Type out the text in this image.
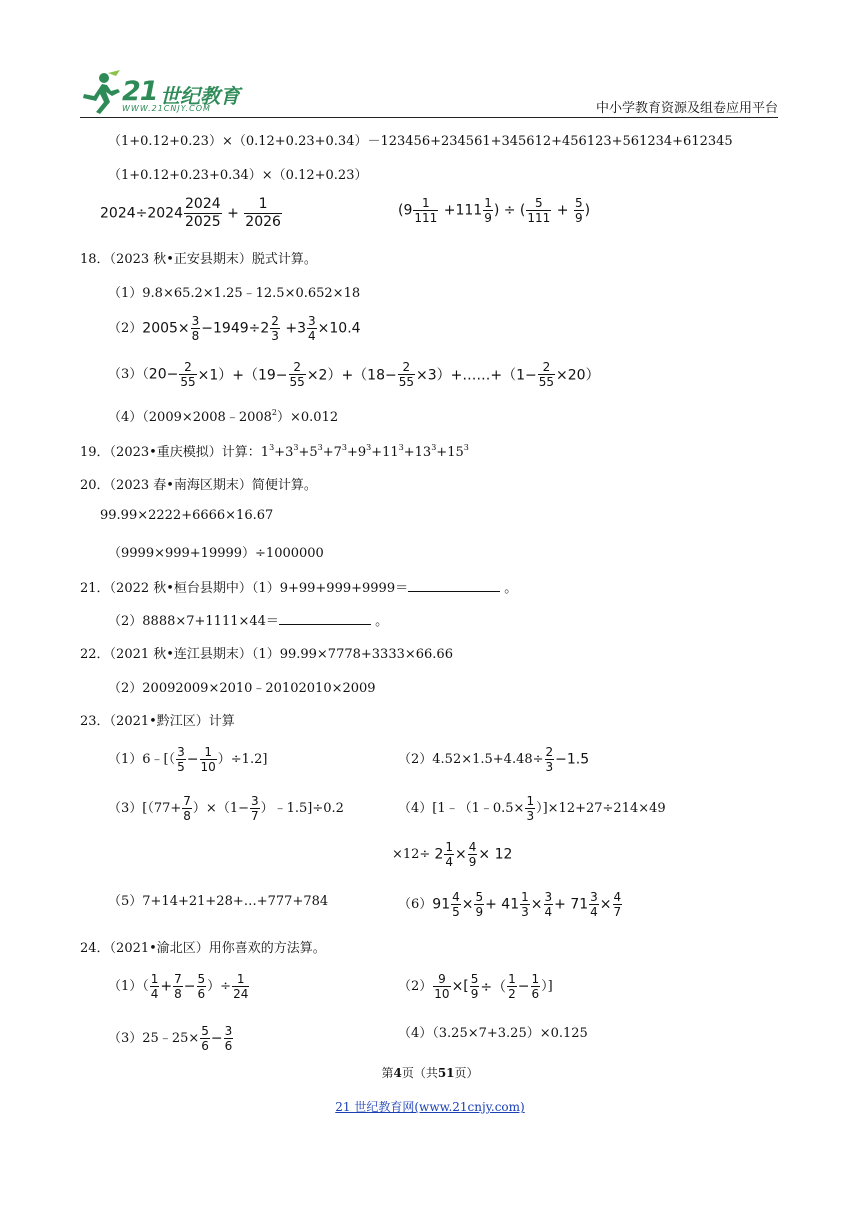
21 世纪教育
WWW.21CNJY.COM	中小学教育资源及组卷应用平台
（1+0.12+0.23）×（0.12+0.23+0.34）－123456+234561+345612+456123+561234+612345
（1+0.12+0.23+0.34）×（0.12+0.23）
$2024\div 2024 \frac{2024}{2025} + \frac{1}{2026}$	($9 \frac{1}{111} +111 \frac{1}{9}$ ) ÷ ( $\frac{5}{111} + \frac{5}{9}$ )
18．（2023 秋•正安县期末）脱式计算。
（1）9.8×65.2×1.25﹣12.5×0.652×18
$(2)2005\times \frac{3}{8} -1949\div 2 \frac{2}{3} +3 \frac{3}{4} \times 10.4$
$(3)(20- \frac{2}{55} \times 1)+(19- \frac{2}{55} \times 2)+(18- \frac{2}{55}$ ×3）+……+（1− $\frac{2}{55} \times 20$）
$(4)(2009\times 2008﹣2008^2)\times 0.012$
19．（2023•重庆模拟）计算：$1^3+3^3+5^3+7^3+9^3+11^3+13^3+15^3$
20．（2023 春•南海区期末）简便计算。
99.99×2222+6666×16.67
（9999×999+19999）÷1000000
21．（2022 秋•桓台县期中）（1）9+99+999+9999＝	。
（2）8888×7+1111×44＝	。
22．（2021 秋•连江县期末）（1）99.99×7778+3333×66.66
（2）20092009×2010﹣20102010×2009
23．（2021•黔江区）计算
（1）6﹣[（ $\frac{3}{5} - \frac{1}{10} )\div 1.2$]	$(2)4.52\times 1.5+4.48\div \frac{2}{3} -1.5$
$(3)[(77+ \frac{7}{8} )\times(1- \frac{3}{7}$ ）﹣1.5]÷0.2	（4）[1﹣（1﹣0.5× $\frac{1}{3} )]\times 12+27\div 214\times 49$
$\times 12\div 2 \frac{1}{4} \times \frac{4}{9} \times 12$
（5）7+14+21+28+…+777+784	$(6)91 \frac{4}{5} \times \frac{5}{9} + 41 \frac{1}{3} \times \frac{3}{4} + 71 \frac{3}{4} \times \frac{4}{7}$
24．（2021•渝北区）用你喜欢的方法算。
$(1)( \frac{1}{4} + \frac{7}{8} - \frac{5}{6}$ ）÷ $\frac{1}{24}$	$(2) \frac{9}{10}$ ×[ $\frac{5}{9}$ ÷（ $\frac{1}{2} - \frac{1}{6}$ ）]
（3）25﹣25× $\frac{5}{6} - \frac{3}{6}$	（4）（3.25×7+3.25）×0.125
第4页（共51页）
21 世纪教育网(www.21cnjy.com)
